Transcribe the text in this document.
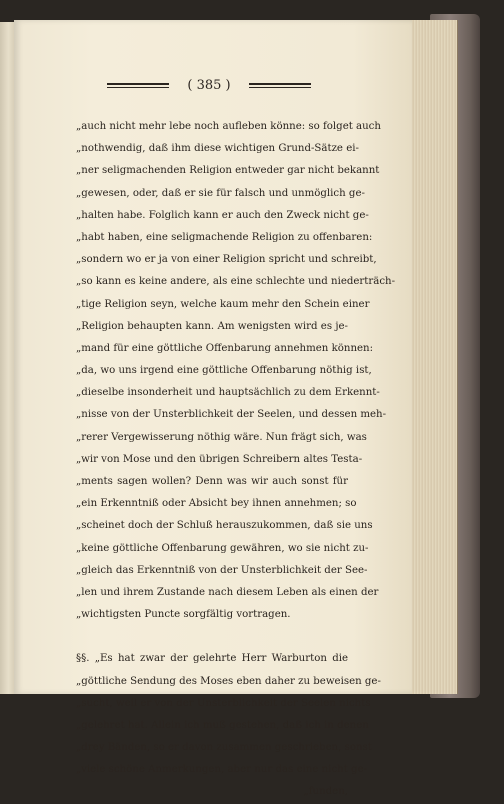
( 385 )
„auch nicht mehr lebe noch aufleben könne: so folget auch
„nothwendig, daß ihm diese wichtigen Grund-Sätze ei-
„ner seligmachenden Religion entweder gar nicht bekannt
„gewesen, oder, daß er sie für falsch und unmöglich ge-
„halten habe. Folglich kann er auch den Zweck nicht ge-
„habt haben, eine seligmachende Religion zu offenbaren:
„sondern wo er ja von einer Religion spricht und schreibt,
„so kann es keine andere, als eine schlechte und niederträch-
„tige Religion seyn, welche kaum mehr den Schein einer
„Religion behaupten kann. Am wenigsten wird es je-
„mand für eine göttliche Offenbarung annehmen können:
„da, wo uns irgend eine göttliche Offenbarung nöthig ist,
„dieselbe insonderheit und hauptsächlich zu dem Erkennt-
„nisse von der Unsterblichkeit der Seelen, und dessen meh-
„rerer Vergewisserung nöthig wäre. Nun frägt sich, was
„wir von Mose und den übrigen Schreibern altes Testa-
„ments sagen wollen? Denn was wir auch sonst für
„ein Erkenntniß oder Absicht bey ihnen annehmen; so
„scheinet doch der Schluß herauszukommen, daß sie uns
„keine göttliche Offenbarung gewähren, wo sie nicht zu-
„gleich das Erkenntniß von der Unsterblichkeit der See-
„len und ihrem Zustande nach diesem Leben als einen der
„wichtigsten Puncte sorgfältig vortragen.
§§. „Es hat zwar der gelehrte Herr Warburton die
„göttliche Sendung des Moses eben daher zu beweisen ge-
„sucht, weil er von der Unsterblichkeit der Seelen nichts
„gelehret hat. Allein ich muß gestehen, daß ich in denen
„drey Bänden, so er davon zusammen geschrieben, sonst
„viele schöne Anmerkungen, aber nur das eine nicht ge-
„funden,
